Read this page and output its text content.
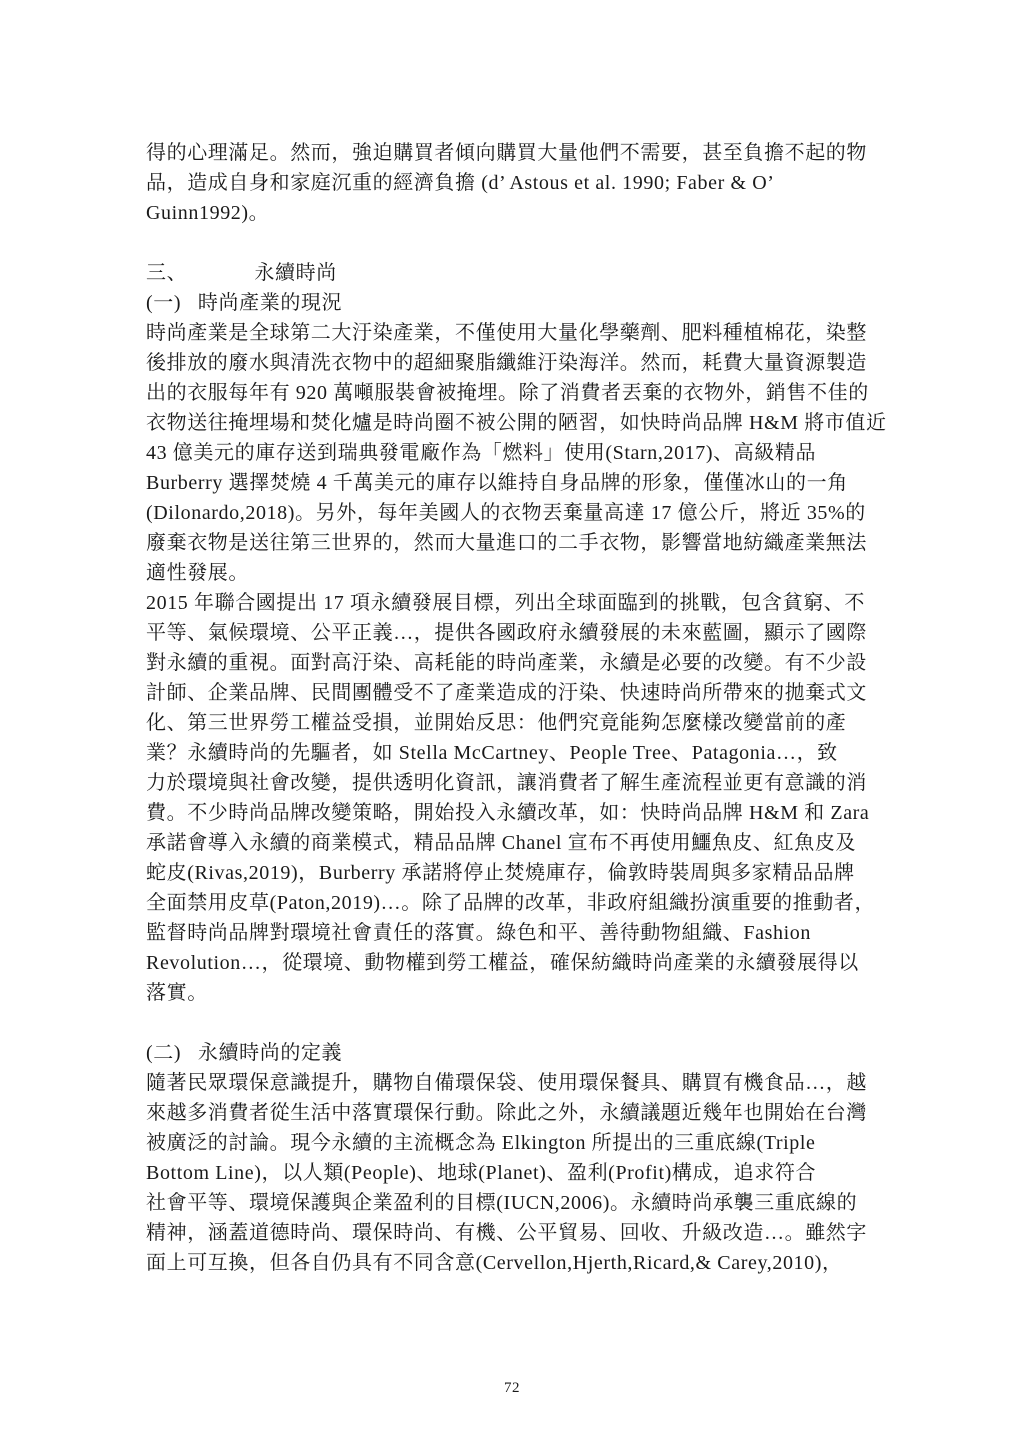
得的心理滿足。然而，強迫購買者傾向購買大量他們不需要，甚至負擔不起的物
品，造成自身和家庭沉重的經濟負擔 (d’ Astous et al. 1990; Faber & O’
Guinn1992)。
三、            永續時尚
(一)   時尚產業的現況
時尚產業是全球第二大汙染產業，不僅使用大量化學藥劑、肥料種植棉花，染整
後排放的廢水與清洗衣物中的超細聚脂纖維汙染海洋。然而，耗費大量資源製造
出的衣服每年有 920 萬噸服裝會被掩埋。除了消費者丟棄的衣物外，銷售不佳的
衣物送往掩埋場和焚化爐是時尚圈不被公開的陋習，如快時尚品牌 H&M 將市值近
43 億美元的庫存送到瑞典發電廠作為「燃料」使用(Starn,2017)、高級精品
Burberry 選擇焚燒 4 千萬美元的庫存以維持自身品牌的形象，僅僅冰山的一角
(Dilonardo,2018)。另外，每年美國人的衣物丟棄量高達 17 億公斤，將近 35%的
廢棄衣物是送往第三世界的，然而大量進口的二手衣物，影響當地紡織產業無法
適性發展。
2015 年聯合國提出 17 項永續發展目標，列出全球面臨到的挑戰，包含貧窮、不
平等、氣候環境、公平正義…，提供各國政府永續發展的未來藍圖，顯示了國際
對永續的重視。面對高汙染、高耗能的時尚產業，永續是必要的改變。有不少設
計師、企業品牌、民間團體受不了產業造成的汙染、快速時尚所帶來的拋棄式文
化、第三世界勞工權益受損，並開始反思：他們究竟能夠怎麼樣改變當前的產
業？永續時尚的先驅者，如 Stella McCartney、People Tree、Patagonia…，致
力於環境與社會改變，提供透明化資訊，讓消費者了解生產流程並更有意識的消
費。不少時尚品牌改變策略，開始投入永續改革，如：快時尚品牌 H&M 和 Zara
承諾會導入永續的商業模式，精品品牌 Chanel 宣布不再使用鱷魚皮、紅魚皮及
蛇皮(Rivas,2019)，Burberry 承諾將停止焚燒庫存，倫敦時裝周與多家精品品牌
全面禁用皮草(Paton,2019)…。除了品牌的改革，非政府組織扮演重要的推動者，
監督時尚品牌對環境社會責任的落實。綠色和平、善待動物組織、Fashion
Revolution…，從環境、動物權到勞工權益，確保紡織時尚產業的永續發展得以
落實。
(二)   永續時尚的定義
隨著民眾環保意識提升，購物自備環保袋、使用環保餐具、購買有機食品…，越
來越多消費者從生活中落實環保行動。除此之外，永續議題近幾年也開始在台灣
被廣泛的討論。現今永續的主流概念為 Elkington 所提出的三重底線(Triple
Bottom Line)，以人類(People)、地球(Planet)、盈利(Profit)構成，追求符合
社會平等、環境保護與企業盈利的目標(IUCN,2006)。永續時尚承襲三重底線的
精神，涵蓋道德時尚、環保時尚、有機、公平貿易、回收、升級改造…。雖然字
面上可互換，但各自仍具有不同含意(Cervellon,Hjerth,Ricard,& Carey,2010)，
72
